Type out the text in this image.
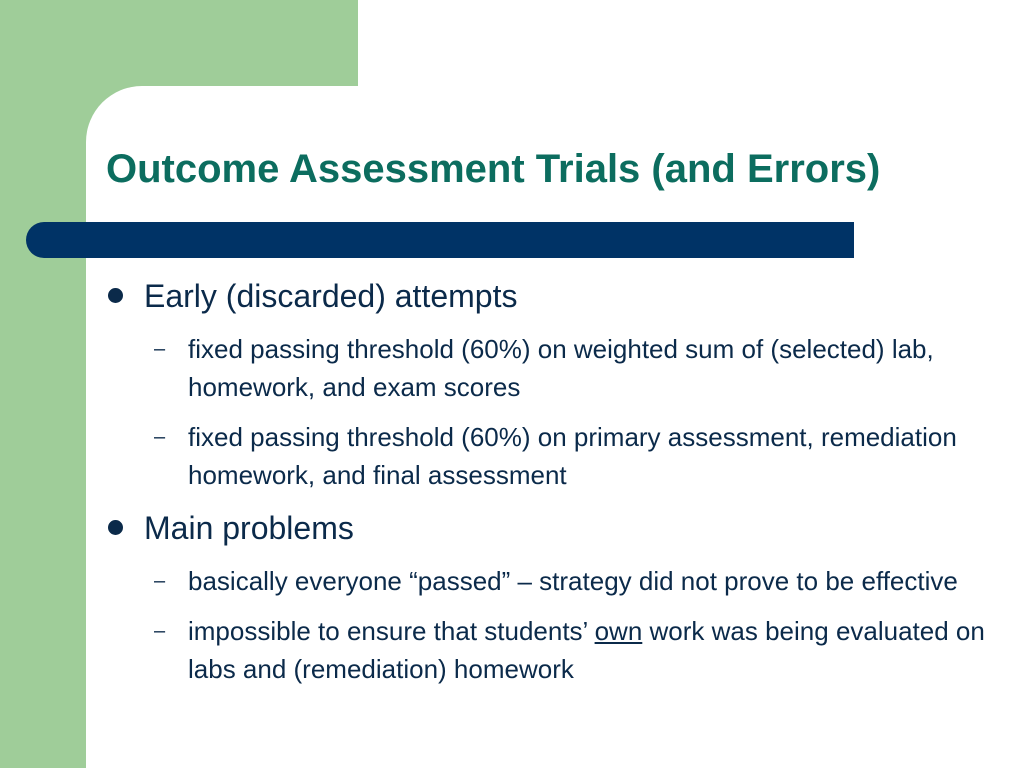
Outcome Assessment Trials (and Errors)
Early (discarded) attempts
– fixed passing threshold (60%) on weighted sum of (selected) lab, homework, and exam scores
– fixed passing threshold (60%) on primary assessment, remediation homework, and final assessment
Main problems
– basically everyone “passed” – strategy did not prove to be effective
– impossible to ensure that students’ own work was being evaluated on labs and (remediation) homework
